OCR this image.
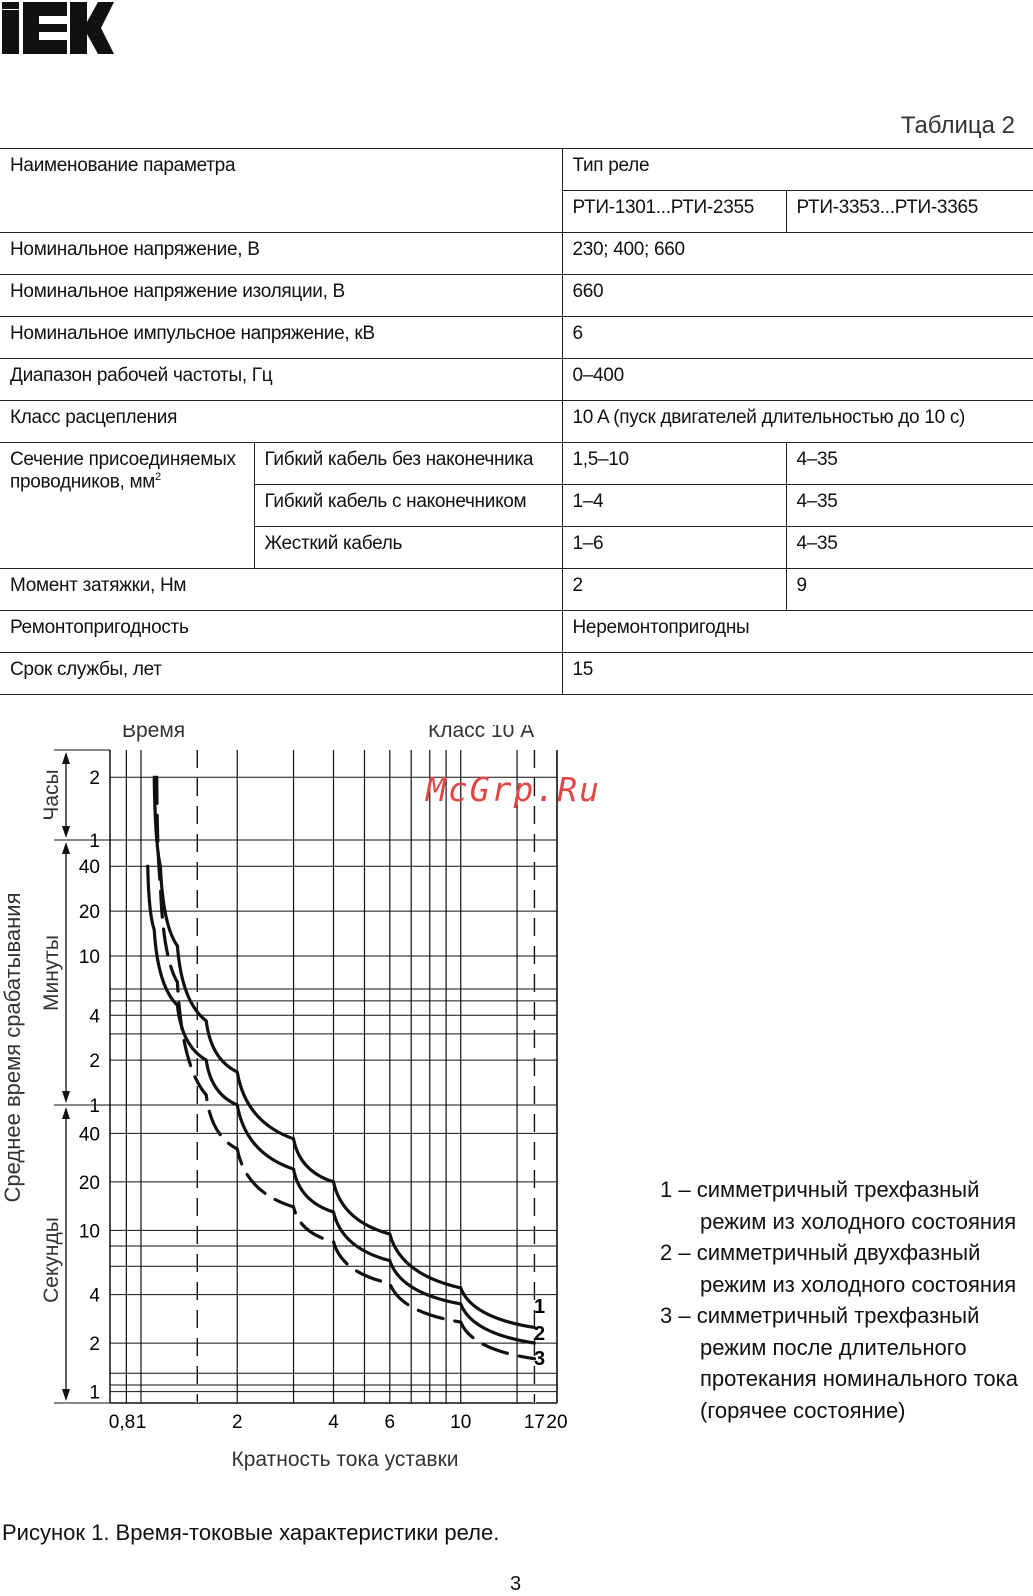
Таблица 2
Наименование параметра		Тип реле	
		РТИ-1301...РТИ-2355	РТИ-3353...РТИ-3365
Номинальное напряжение, В		230; 400; 660	
Номинальное напряжение изоляции, В		660	
Номинальное импульсное напряжение, кВ		6	
Диапазон рабочей частоты, Гц		0–400	
Класс расцепления		10 A (пуск двигателей длительностью до 10 с)	
Сечение присоединяемых проводников, $мм^2$	Гибкий кабель без наконечника	1,5–10	4–35
	Гибкий кабель с наконечником	1–4	4–35
	Жесткий кабель	1–6	4–35
Момент затяжки, Нм		2	9
Ремонтопригодность		Неремонтопригодны	
Срок службы, лет		15	
Время	Класс 10 А
2
1
40
20
10
4
2
1
40
20
10
4
2
1
Часы
Минуты
Секунды
Среднее время срабатывания
0,8 1	2	4 6	10	17 20
Кратность тока уставки
1
2
3
McGrp.Ru
1 – симметричный трехфазный
режим из холодного состояния
2 – симметричный двухфазный
режим из холодного состояния
3 – симметричный трехфазный
режим после длительного
протекания номинального тока
(горячее состояние)
Рисунок 1. Время-токовые характеристики реле.
3
